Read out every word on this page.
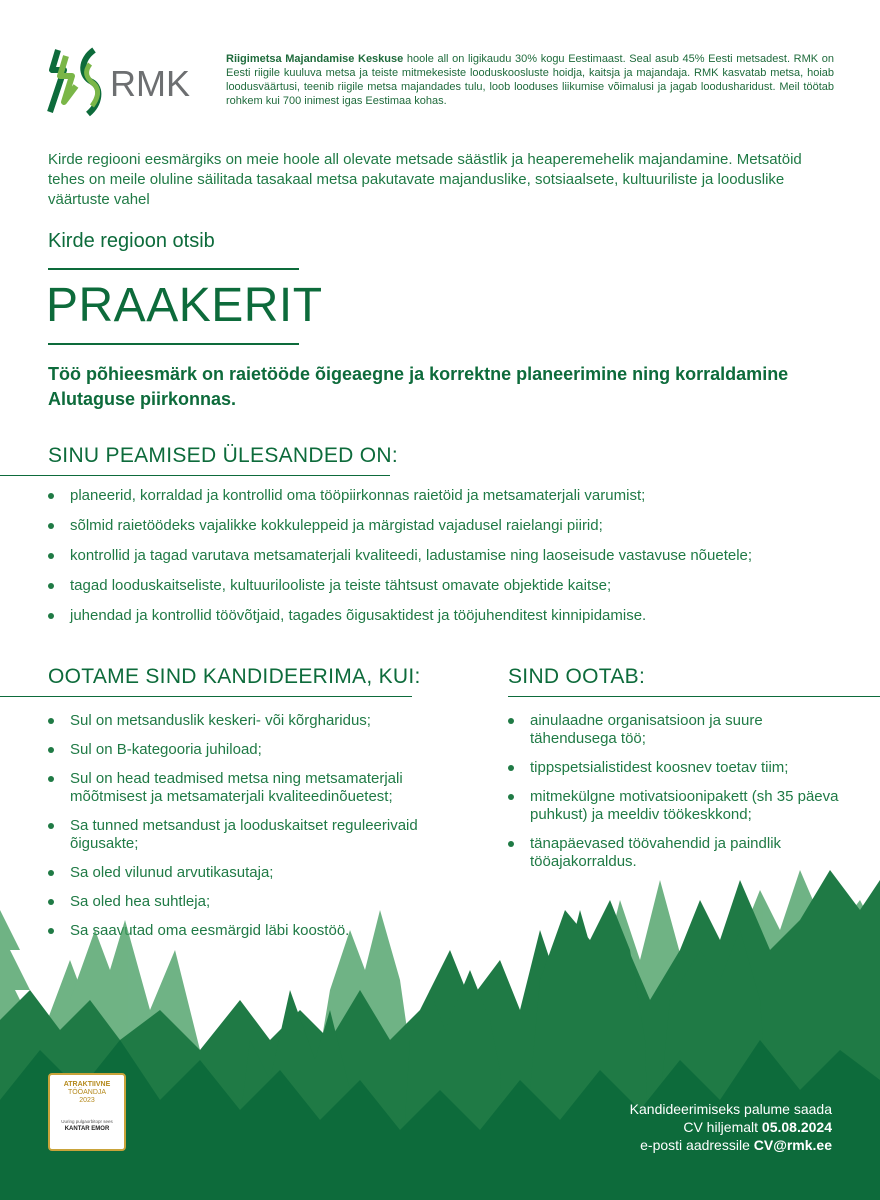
RMK
Riigimetsa Majandamise Keskuse hoole all on ligikaudu 30% kogu Eestimaast. Seal asub 45% Eesti metsadest. RMK on Eesti riigile kuuluva metsa ja teiste mitmekesiste looduskoosluste hoidja, kaitsja ja majandaja. RMK kasvatab metsa, hoiab loodusväärtusi, teenib riigile metsa majandades tulu, loob looduses liikumise võimalusi ja jagab loodusharidust. Meil töötab rohkem kui 700 inimest igas Eestimaa kohas.
Kirde regiooni eesmärgiks on meie hoole all olevate metsade säästlik ja heaperemehelik majandamine. Metsatöid tehes on meile oluline säilitada tasakaal metsa pakutavate majanduslike, sotsiaalsete, kultuuriliste ja looduslike väärtuste vahel
Kirde regioon otsib
PRAAKERIT
Töö põhieesmärk on raietööde õigeaegne ja korrektne planeerimine ning korraldamine Alutaguse piirkonnas.
SINU PEAMISED ÜLESANDED ON:
planeerid, korraldad ja kontrollid oma tööpiirkonnas raietöid ja metsamaterjali varumist;
sõlmid raietöödeks vajalikke kokkuleppeid ja märgistad vajadusel raielangi piirid;
kontrollid ja tagad varutava metsamaterjali kvaliteedi, ladustamise ning laoseisude vastavuse nõuetele;
tagad looduskaitseliste, kultuurilooliste ja teiste tähtsust omavate objektide kaitse;
juhendad ja kontrollid töövõtjaid, tagades õigusaktidest ja tööjuhenditest kinnipidamise.
OOTAME SIND KANDIDEERIMA, KUI:
Sul on metsanduslik keskeri- või kõrgharidus;
Sul on B-kategooria juhiload;
Sul on head teadmised metsa ning metsamaterjali mõõtmisest ja metsamaterjali kvaliteedinõuetest;
Sa tunned metsandust ja looduskaitset reguleerivaid õigusakte;
Sa oled vilunud arvutikasutaja;
Sa oled hea suhtleja;
Sa saavutad oma eesmärgid läbi koostöö.
SIND OOTAB:
ainulaadne organisatsioon ja suure tähendusega töö;
tippspetsialistidest koosnev toetav tiim;
mitmekülgne motivatsioonipakett (sh 35 päeva puhkust) ja meeldiv töökeskkond;
tänapäevased töövahendid ja paindlik tööajakorraldus.
ATRAKTIIVNE
TÖÖANDJA
2023
Uuring pulgaorbitopr sees
KANTAR EMOR
Kandideerimiseks palume saada
CV hiljemalt 05.08.2024
e-posti aadressile CV@rmk.ee
